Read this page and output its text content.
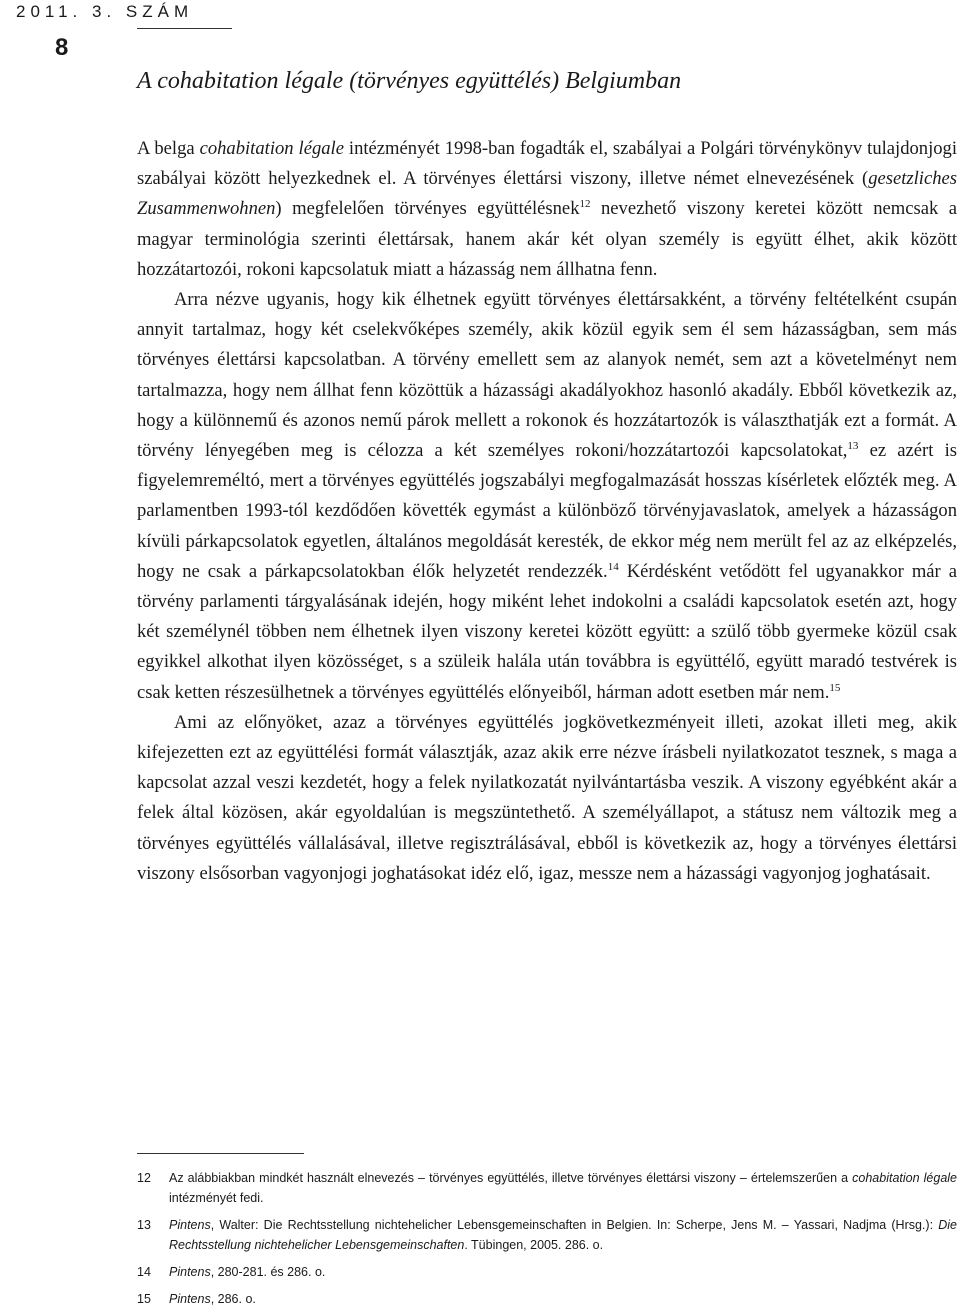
2011. 3. SZÁM
8
A cohabitation légale (törvényes együttélés) Belgiumban

A belga cohabitation légale intézményét 1998-ban fogadták el, szabályai a Polgári törvénykönyv tulajdonjogi szabályai között helyezkednek el. A törvényes élettársi viszony, illetve német elnevezésének (gesetzliches Zusammenwohnen) megfelelően törvényes együttélésnek$^{12}$ nevezhető viszony keretei között nemcsak a magyar terminológia szerinti élettársak, hanem akár két olyan személy is együtt élhet, akik között hozzátartozói, rokoni kapcsolatuk miatt a házasság nem állhatna fenn.

Arra nézve ugyanis, hogy kik élhetnek együtt törvényes élettársakként, a törvény feltételként csupán annyit tartalmaz, hogy két cselekvőképes személy, akik közül egyik sem él sem házasságban, sem más törvényes élettársi kapcsolatban. A törvény emellett sem az alanyok nemét, sem azt a követelményt nem tartalmazza, hogy nem állhat fenn közöttük a házassági akadályokhoz hasonló akadály. Ebből következik az, hogy a különnemű és azonos nemű párok mellett a rokonok és hozzátartozók is választhatják ezt a formát. A törvény lényegében meg is célozza a két személyes rokoni/hozzátartozói kapcsolatokat,$^{13}$ ez azért is figyelemreméltó, mert a törvényes együttélés jogszabályi megfogalmazását hosszas kísérletek előzték meg. A parlamentben 1993-tól kezdődően követték egymást a különböző törvényjavaslatok, amelyek a házasságon kívüli párkapcsolatok egyetlen, általános megoldását keresték, de ekkor még nem merült fel az az elképzelés, hogy ne csak a párkapcsolatokban élők helyzetét rendezzék.$^{14}$ Kérdésként vetődött fel ugyanakkor már a törvény parlamenti tárgyalásának idején, hogy miként lehet indokolni a családi kapcsolatok esetén azt, hogy két személynél többen nem élhetnek ilyen viszony keretei között együtt: a szülő több gyermeke közül csak egyikkel alkothat ilyen közösséget, s a szüleik halála után továbbra is együttélő, együtt maradó testvérek is csak ketten részesülhetnek a törvényes együttélés előnyeiből, hárman adott esetben már nem.$^{15}$

Ami az előnyöket, azaz a törvényes együttélés jogkövetkezményeit illeti, azokat illeti meg, akik kifejezetten ezt az együttélési formát választják, azaz akik erre nézve írásbeli nyilatkozatot tesznek, s maga a kapcsolat azzal veszi kezdetét, hogy a felek nyilatkozatát nyilvántartásba veszik. A viszony egyébként akár a felek által közösen, akár egyoldalúan is megszüntethető. A személyállapot, a státusz nem változik meg a törvényes együttélés vállalásával, illetve regisztrálásával, ebből is következik az, hogy a törvényes élettársi viszony elsősorban vagyonjogi joghatásokat idéz elő, igaz, messze nem a házassági vagyonjog joghatásait.

12 Az alábbiakban mindkét használt elnevezés – törvényes együttélés, illetve törvényes élettársi viszony – értelemszerűen a cohabitation légale intézményét fedi.
13 Pintens, Walter: Die Rechtsstellung nichtehelicher Lebensgemeinschaften in Belgien. In: Scherpe, Jens M. – Yassari, Nadjma (Hrsg.): Die Rechtsstellung nichtehelicher Lebensgemeinschaften. Tübingen, 2005. 286. o.
14 Pintens, 280-281. és 286. o.
15 Pintens, 286. o.
